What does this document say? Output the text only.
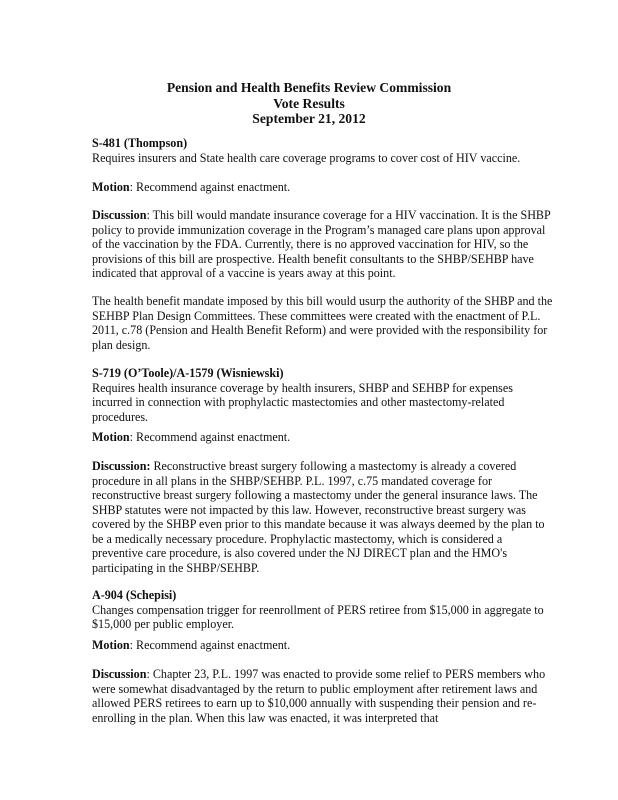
Pension and Health Benefits Review Commission
Vote Results
September 21, 2012

S-481 (Thompson)

Requires insurers and State health care coverage programs to cover cost of HIV vaccine.

Motion: Recommend against enactment.

Discussion: This bill would mandate insurance coverage for a HIV vaccination. It is the SHBP policy to provide immunization coverage in the Program’s managed care plans upon approval of the vaccination by the FDA. Currently, there is no approved vaccination for HIV, so the provisions of this bill are prospective. Health benefit consultants to the SHBP/SEHBP have indicated that approval of a vaccine is years away at this point.

The health benefit mandate imposed by this bill would usurp the authority of the SHBP and the SEHBP Plan Design Committees. These committees were created with the enactment of P.L. 2011, c.78 (Pension and Health Benefit Reform) and were provided with the responsibility for plan design.

S-719 (O’Toole)/A-1579 (Wisniewski)

Requires health insurance coverage by health insurers, SHBP and SEHBP for expenses incurred in connection with prophylactic mastectomies and other mastectomy-related procedures.

Motion: Recommend against enactment.

Discussion: Reconstructive breast surgery following a mastectomy is already a covered procedure in all plans in the SHBP/SEHBP. P.L. 1997, c.75 mandated coverage for reconstructive breast surgery following a mastectomy under the general insurance laws. The SHBP statutes were not impacted by this law. However, reconstructive breast surgery was covered by the SHBP even prior to this mandate because it was always deemed by the plan to be a medically necessary procedure. Prophylactic mastectomy, which is considered a preventive care procedure, is also covered under the NJ DIRECT plan and the HMO's participating in the SHBP/SEHBP.

A-904 (Schepisi)

Changes compensation trigger for reenrollment of PERS retiree from $15,000 in aggregate to $15,000 per public employer.

Motion: Recommend against enactment.

Discussion: Chapter 23, P.L. 1997 was enacted to provide some relief to PERS members who were somewhat disadvantaged by the return to public employment after retirement laws and allowed PERS retirees to earn up to $10,000 annually with suspending their pension and re-enrolling in the plan. When this law was enacted, it was interpreted that
